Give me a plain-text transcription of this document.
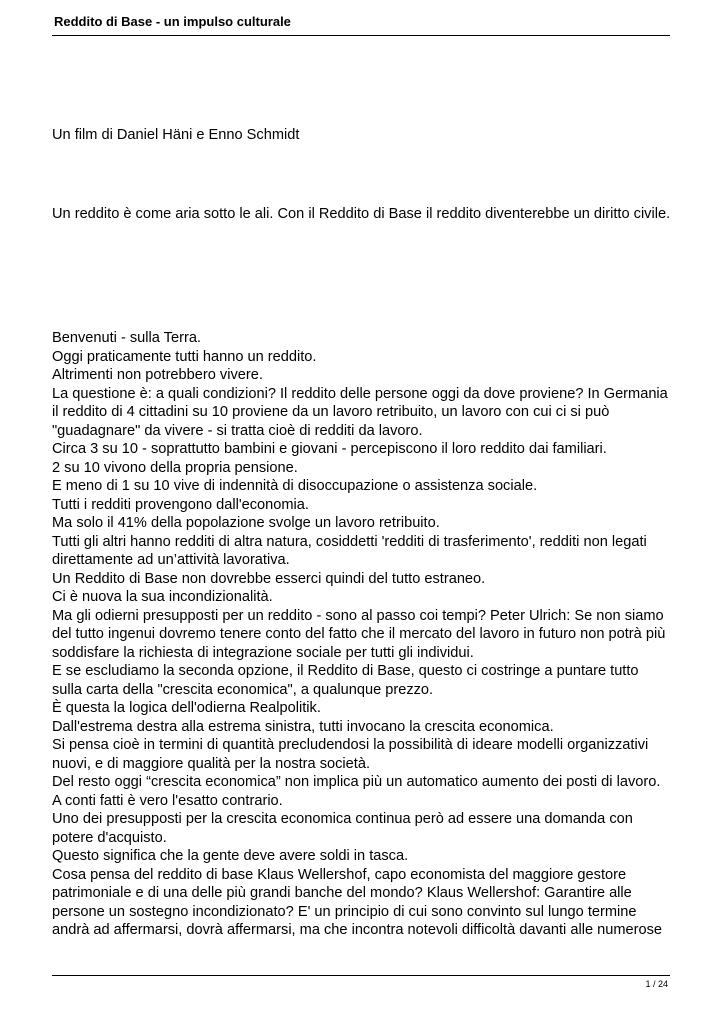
Reddito di Base - un impulso culturale

Un film di Daniel Häni e Enno Schmidt

Un reddito è come aria sotto le ali. Con il Reddito di Base il reddito diventerebbe un diritto civile.

Benvenuti - sulla Terra.
Oggi praticamente tutti hanno un reddito.
Altrimenti non potrebbero vivere.
La questione è: a quali condizioni? Il reddito delle persone oggi da dove proviene? In Germania
il reddito di 4 cittadini su 10 proviene da un lavoro retribuito, un lavoro con cui ci si può
"guadagnare" da vivere - si tratta cioè di redditi da lavoro.
Circa 3 su 10 - soprattutto bambini e giovani - percepiscono il loro reddito dai familiari.
2 su 10 vivono della propria pensione.
E meno di 1 su 10 vive di indennità di disoccupazione o assistenza sociale.
Tutti i redditi provengono dall'economia.
Ma solo il 41% della popolazione svolge un lavoro retribuito.
Tutti gli altri hanno redditi di altra natura, cosiddetti 'redditi di trasferimento', redditi non legati
direttamente ad un’attività lavorativa.
Un Reddito di Base non dovrebbe esserci quindi del tutto estraneo.
Ci è nuova la sua incondizionalità.
Ma gli odierni presupposti per un reddito - sono al passo coi tempi? Peter Ulrich: Se non siamo
del tutto ingenui dovremo tenere conto del fatto che il mercato del lavoro in futuro non potrà più
soddisfare la richiesta di integrazione sociale per tutti gli individui.
E se escludiamo la seconda opzione, il Reddito di Base, questo ci costringe a puntare tutto
sulla carta della "crescita economica", a qualunque prezzo.
È questa la logica dell'odierna Realpolitik.
Dall'estrema destra alla estrema sinistra, tutti invocano la crescita economica.
Si pensa cioè in termini di quantità precludendosi la possibilità di ideare modelli organizzativi
nuovi, e di maggiore qualità per la nostra società.
Del resto oggi “crescita economica” non implica più un automatico aumento dei posti di lavoro.
A conti fatti è vero l'esatto contrario.
Uno dei presupposti per la crescita economica continua però ad essere una domanda con
potere d'acquisto.
Questo significa che la gente deve avere soldi in tasca.
Cosa pensa del reddito di base Klaus Wellershof, capo economista del maggiore gestore
patrimoniale e di una delle più grandi banche del mondo? Klaus Wellershof: Garantire alle
persone un sostegno incondizionato? E' un principio di cui sono convinto sul lungo termine
andrà ad affermarsi, dovrà affermarsi, ma che incontra notevoli difficoltà davanti alle numerose
1 / 24
